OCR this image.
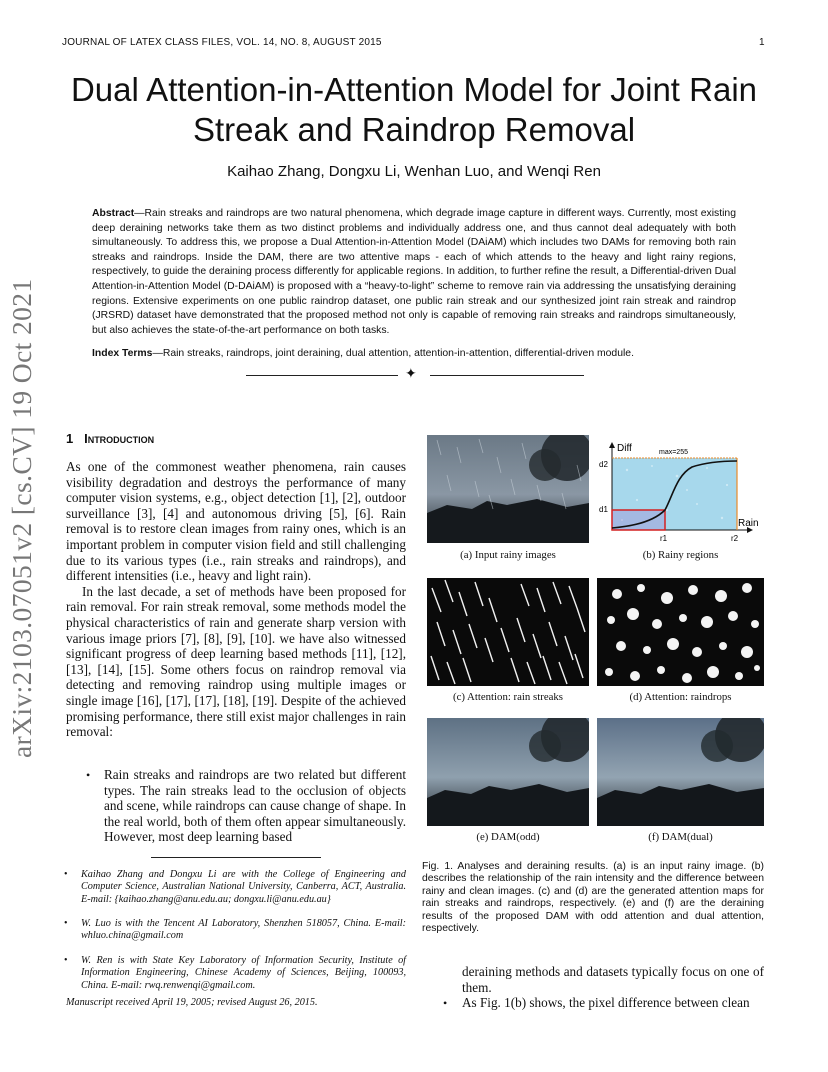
JOURNAL OF LATEX CLASS FILES, VOL. 14, NO. 8, AUGUST 2015	1
arXiv:2103.07051v2 [cs.CV] 19 Oct 2021
Dual Attention-in-Attention Model for Joint Rain Streak and Raindrop Removal
Kaihao Zhang, Dongxu Li, Wenhan Luo, and Wenqi Ren
Abstract—Rain streaks and raindrops are two natural phenomena, which degrade image capture in different ways. Currently, most existing deep deraining networks take them as two distinct problems and individually address one, and thus cannot deal adequately with both simultaneously. To address this, we propose a Dual Attention-in-Attention Model (DAiAM) which includes two DAMs for removing both rain streaks and raindrops. Inside the DAM, there are two attentive maps - each of which attends to the heavy and light rainy regions, respectively, to guide the deraining process differently for applicable regions. In addition, to further refine the result, a Differential-driven Dual Attention-in-Attention Model (D-DAiAM) is proposed with a “heavy-to-light” scheme to remove rain via addressing the unsatisfying deraining regions. Extensive experiments on one public raindrop dataset, one public rain streak and our synthesized joint rain streak and raindrop (JRSRD) dataset have demonstrated that the proposed method not only is capable of removing rain streaks and raindrops simultaneously, but also achieves the state-of-the-art performance on both tasks.
Index Terms—Rain streaks, raindrops, joint deraining, dual attention, attention-in-attention, differential-driven module.
✦
1 Introduction

As one of the commonest weather phenomena, rain causes visibility degradation and destroys the performance of many computer vision systems, e.g., object detection [1], [2], outdoor surveillance [3], [4] and autonomous driving [5], [6]. Rain removal is to restore clean images from rainy ones, which is an important problem in computer vision field and still challenging due to its various types (i.e., rain streaks and raindrops), and different intensities (i.e., heavy and light rain).

In the last decade, a set of methods have been proposed for rain removal. For rain streak removal, some methods model the physical characteristics of rain and generate sharp version with various image priors [7], [8], [9], [10]. we have also witnessed significant progress of deep learning based methods [11], [12], [13], [14], [15]. Some others focus on raindrop removal via detecting and removing raindrop using multiple images or single image [16], [17], [17], [18], [19]. Despite of the achieved promising performance, there still exist major challenges in rain removal:

• Rain streaks and raindrops are two related but different types. The rain streaks lead to the occlusion of objects and scene, while raindrops can cause change of shape. In the real world, both of them often appear simultaneously. However, most deep learning based
• Kaihao Zhang and Dongxu Li are with the College of Engineering and Computer Science, Australian National University, Canberra, ACT, Australia. E-mail: {kaihao.zhang@anu.edu.au; dongxu.li@anu.edu.au}
• W. Luo is with the Tencent AI Laboratory, Shenzhen 518057, China. E-mail: whluo.china@gmail.com
• W. Ren is with State Key Laboratory of Information Security, Institute of Information Engineering, Chinese Academy of Sciences, Beijing, 100093, China. E-mail: rwq.renwenqi@gmail.com.
Manuscript received April 19, 2005; revised August 26, 2015.
Diff	max=255
d2
d1
Rain
r1	r2
(a) Input rainy images	(b) Rainy regions
(c) Attention: rain streaks	(d) Attention: raindrops
(e) DAM(odd)	(f) DAM(dual)
Fig. 1. Analyses and deraining results. (a) is an input rainy image. (b) describes the relationship of the rain intensity and the difference between rainy and clean images. (c) and (d) are the generated attention maps for rain streaks and raindrops, respectively. (e) and (f) are the deraining results of the proposed DAM with odd attention and dual attention, respectively.
deraining methods and datasets typically focus on one of them.
• As Fig. 1(b) shows, the pixel difference between clean
